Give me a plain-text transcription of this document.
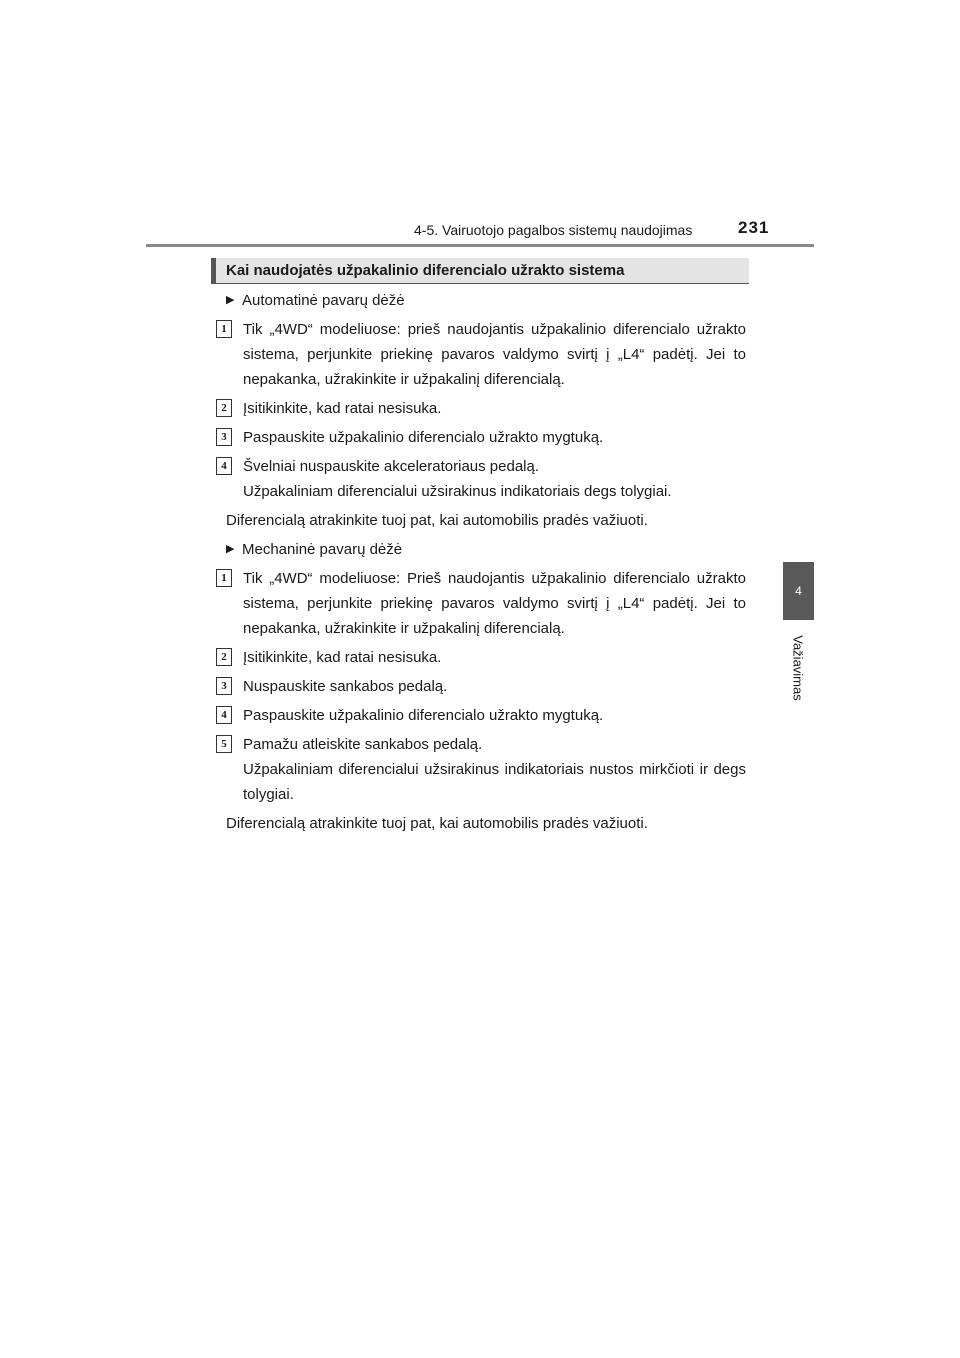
4-5. Vairuotojo pagalbos sistemų naudojimas	231
4
Važiavimas
Kai naudojatės užpakalinio diferencialo užrakto sistema
▶ Automatinė pavarų dėžė
1	Tik „4WD“ modeliuose: prieš naudojantis užpakalinio diferencialo užrakto sistema, perjunkite priekinę pavaros valdymo svirtį į „L4“ padėtį. Jei to nepakanka, užrakinkite ir užpakalinį diferencialą.
2	Įsitikinkite, kad ratai nesisuka.
3	Paspauskite užpakalinio diferencialo užrakto mygtuką.
4	Švelniai nuspauskite akceleratoriaus pedalą.
Užpakaliniam diferencialui užsirakinus indikatoriais degs tolygiai.
Diferencialą atrakinkite tuoj pat, kai automobilis pradės važiuoti.
▶ Mechaninė pavarų dėžė
1	Tik „4WD“ modeliuose: Prieš naudojantis užpakalinio diferencialo užrakto sistema, perjunkite priekinę pavaros valdymo svirtį į „L4“ padėtį. Jei to nepakanka, užrakinkite ir užpakalinį diferencialą.
2	Įsitikinkite, kad ratai nesisuka.
3	Nuspauskite sankabos pedalą.
4	Paspauskite užpakalinio diferencialo užrakto mygtuką.
5	Pamažu atleiskite sankabos pedalą.
Užpakaliniam diferencialui užsirakinus indikatoriais nustos mirkčioti ir degs tolygiai.
Diferencialą atrakinkite tuoj pat, kai automobilis pradės važiuoti.
